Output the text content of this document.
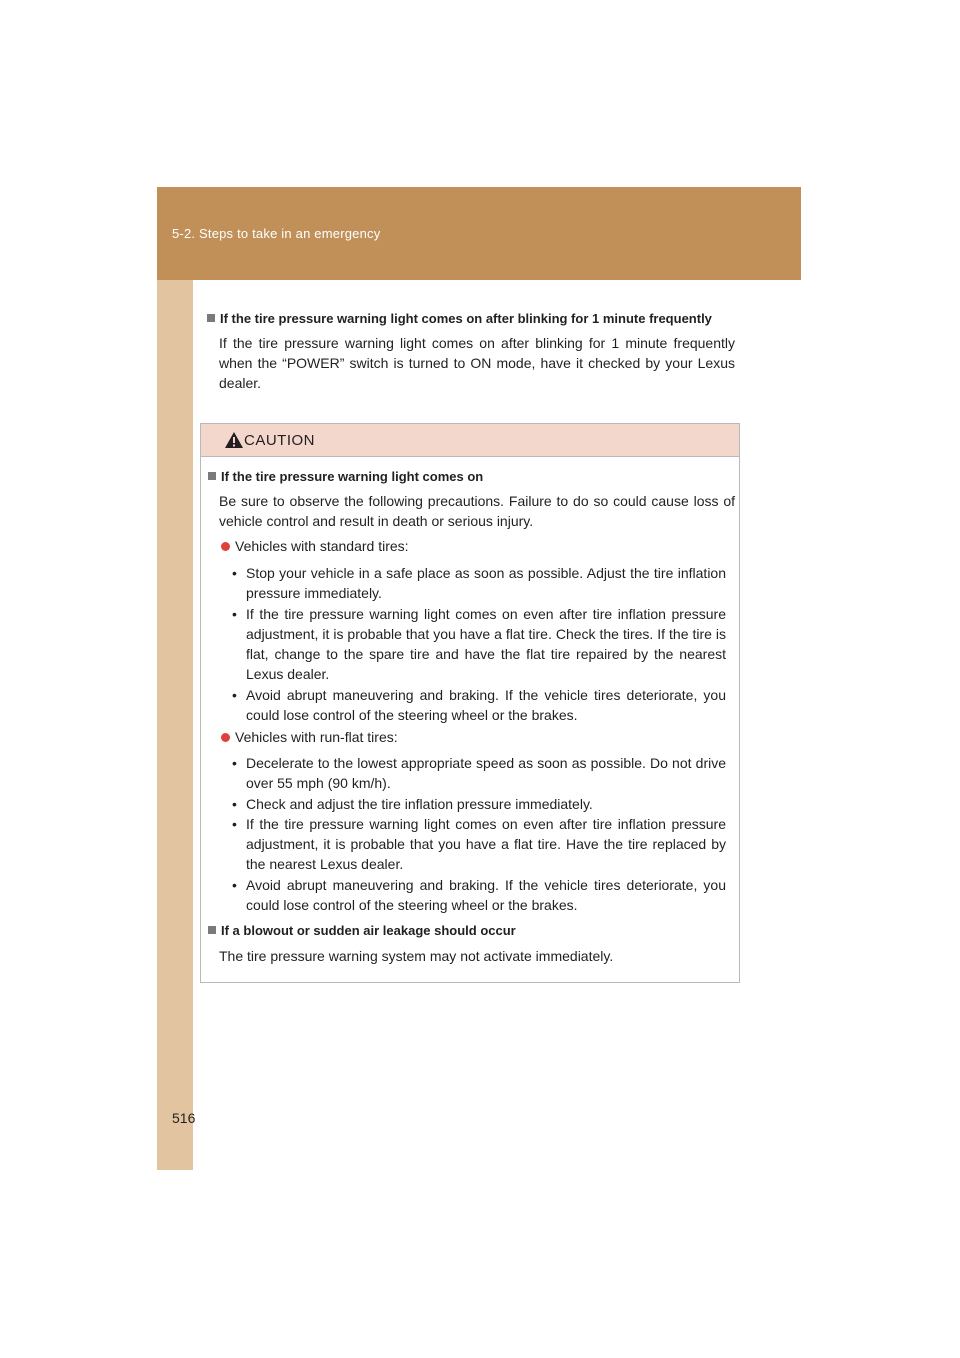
5-2. Steps to take in an emergency
If the tire pressure warning light comes on after blinking for 1 minute frequently
If the tire pressure warning light comes on after blinking for 1 minute frequently when the “POWER” switch is turned to ON mode, have it checked by your Lexus dealer.
CAUTION
If the tire pressure warning light comes on
Be sure to observe the following precautions. Failure to do so could cause loss of vehicle control and result in death or serious injury.
Vehicles with standard tires:
• Stop your vehicle in a safe place as soon as possible. Adjust the tire inflation pressure immediately.
• If the tire pressure warning light comes on even after tire inflation pressure adjustment, it is probable that you have a flat tire. Check the tires. If the tire is flat, change to the spare tire and have the flat tire repaired by the nearest Lexus dealer.
• Avoid abrupt maneuvering and braking. If the vehicle tires deteriorate, you could lose control of the steering wheel or the brakes.
Vehicles with run-flat tires:
• Decelerate to the lowest appropriate speed as soon as possible. Do not drive over 55 mph (90 km/h).
• Check and adjust the tire inflation pressure immediately.
• If the tire pressure warning light comes on even after tire inflation pressure adjustment, it is probable that you have a flat tire. Have the tire replaced by the nearest Lexus dealer.
• Avoid abrupt maneuvering and braking. If the vehicle tires deteriorate, you could lose control of the steering wheel or the brakes.
If a blowout or sudden air leakage should occur
The tire pressure warning system may not activate immediately.
516
